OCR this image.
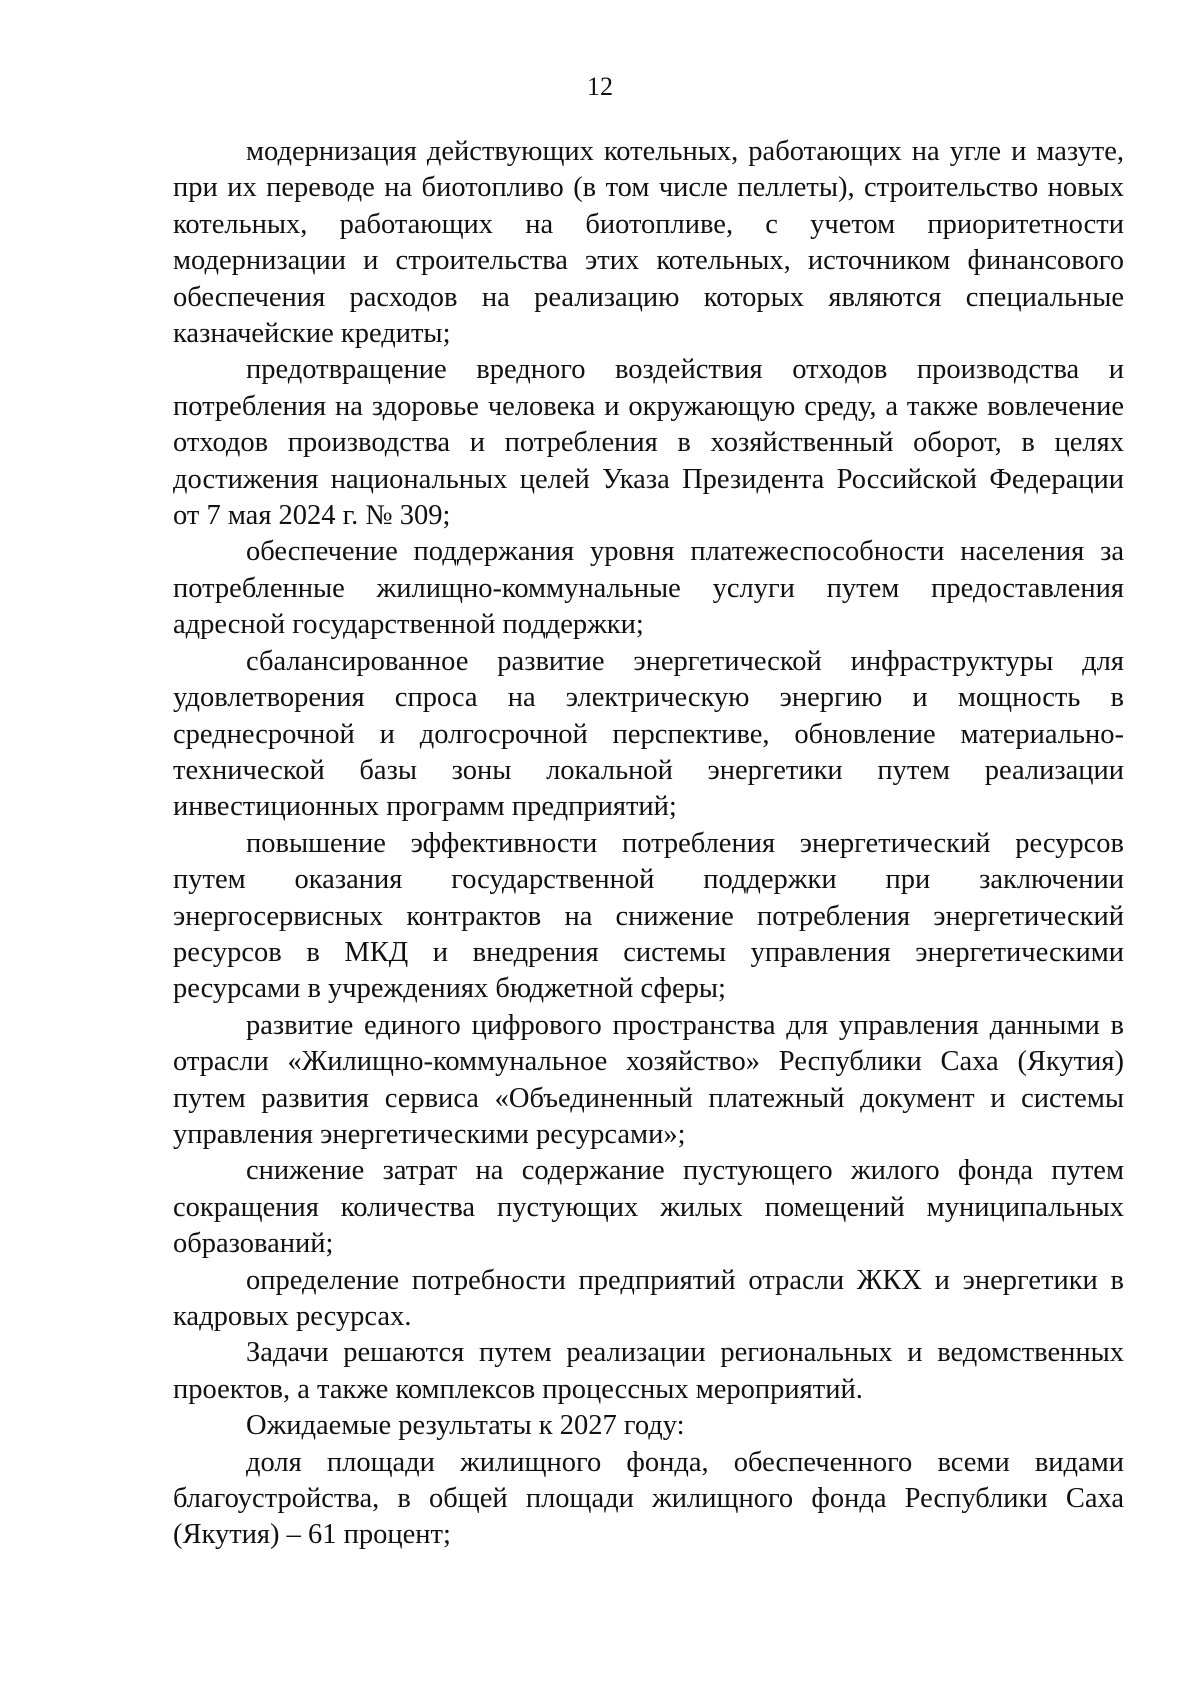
12

модернизация действующих котельных, работающих на угле и мазуте, при их переводе на биотопливо (в том числе пеллеты), строительство новых котельных, работающих на биотопливе, с учетом приоритетности модернизации и строительства этих котельных, источником финансового обеспечения расходов на реализацию которых являются специальные казначейские кредиты;

предотвращение вредного воздействия отходов производства и потребления на здоровье человека и окружающую среду, а также вовлечение отходов производства и потребления в хозяйственный оборот, в целях достижения национальных целей Указа Президента Российской Федерации от 7 мая 2024 г. № 309;

обеспечение поддержания уровня платежеспособности населения за потребленные жилищно-коммунальные услуги путем предоставления адресной государственной поддержки;

сбалансированное развитие энергетической инфраструктуры для удовлетворения спроса на электрическую энергию и мощность в среднесрочной и долгосрочной перспективе, обновление материально-технической базы зоны локальной энергетики путем реализации инвестиционных программ предприятий;

повышение эффективности потребления энергетический ресурсов путем оказания государственной поддержки при заключении энергосервисных контрактов на снижение потребления энергетический ресурсов в МКД и внедрения системы управления энергетическими ресурсами в учреждениях бюджетной сферы;

развитие единого цифрового пространства для управления данными в отрасли «Жилищно-коммунальное хозяйство» Республики Саха (Якутия) путем развития сервиса «Объединенный платежный документ и системы управления энергетическими ресурсами»;

снижение затрат на содержание пустующего жилого фонда путем сокращения количества пустующих жилых помещений муниципальных образований;

определение потребности предприятий отрасли ЖКХ и энергетики в кадровых ресурсах.

Задачи решаются путем реализации региональных и ведомственных проектов, а также комплексов процессных мероприятий.

Ожидаемые результаты к 2027 году:

доля площади жилищного фонда, обеспеченного всеми видами благоустройства, в общей площади жилищного фонда Республики Саха (Якутия) – 61 процент;
